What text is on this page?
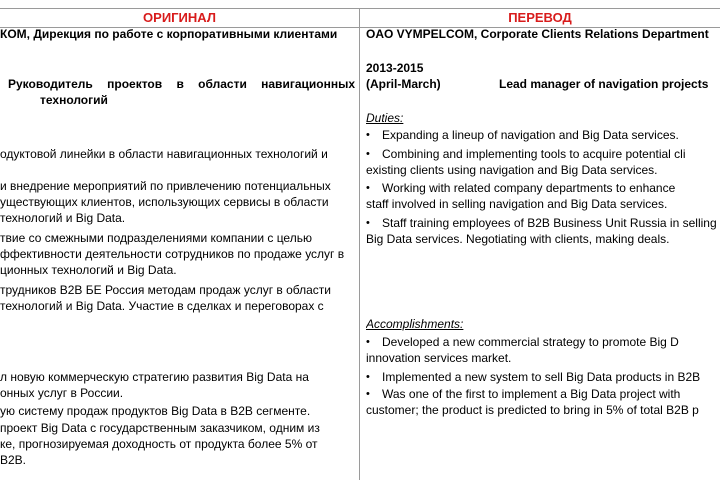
ОРИГИНАЛ	ПЕРЕВОД
КОМ, Дирекция по работе с корпоративными клиентами
Руководитель проектов в области навигационных
технологий
одуктовой линейки в области навигационных технологий и
и внедрение мероприятий по привлечению потенциальных
уществующих клиентов, использующих сервисы в области
технологий и Big Data.
твие со смежными подразделениями компании с целью
ффективности деятельности сотрудников по продаже услуг в
ционных технологий и Big Data.
трудников B2B БЕ Россия методам продаж услуг в области
технологий и Big Data. Участие в сделках и переговорах с
л новую коммерческую стратегию развития Big Data на
онных услуг в России.
ую систему продаж продуктов Big Data в B2B сегменте.
проект Big Data с государственным заказчиком, одним из
ке, прогнозируемая доходность от продукта более 5% от
B2B.
OAO VYMPELCOM, Corporate Clients Relations Department
2013-2015
(April-March)	Lead manager of navigation projects
Duties:
• Expanding a lineup of navigation and Big Data services.
• Combining and implementing tools to acquire potential cli
existing clients using navigation and Big Data services.
• Working with related company departments to enhance
staff involved in selling navigation and Big Data services.
• Staff training employees of B2B Business Unit Russia in selling
Big Data services. Negotiating with clients, making deals.
Accomplishments:
• Developed a new commercial strategy to promote Big D
innovation services market.
• Implemented a new system to sell Big Data products in B2B
• Was one of the first to implement a Big Data project with
customer; the product is predicted to bring in 5% of total B2B p
